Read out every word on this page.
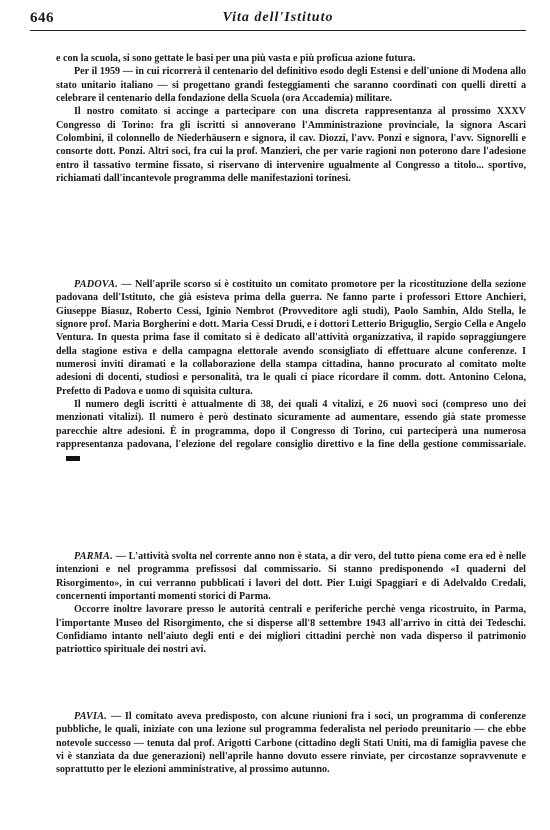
646	Vita dell'Istituto

e con la scuola, si sono gettate le basi per una più vasta e più proficua azione futura.

Per il 1959 — in cui ricorrerà il centenario del definitivo esodo degli Estensi e dell'unione di Modena allo stato unitario italiano — si progettano grandi festeggiamenti che saranno coordinati con quelli diretti a celebrare il centenario della fondazione della Scuola (ora Accademia) militare.

Il nostro comitato si accinge a partecipare con una discreta rappresentanza al prossimo XXXV Congresso di Torino: fra gli iscritti si annoverano l'Amministrazione provinciale, la signora Ascari Colombini, il colonnello de Niederhäusern e signora, il cav. Diozzi, l'avv. Ponzi e signora, l'avv. Signorelli e consorte dott. Ponzi. Altri soci, fra cui la prof. Manzieri, che per varie ragioni non poterono dare l'adesione entro il tassativo termine fissato, si riservano di intervenire ugualmente al Congresso a titolo... sportivo, richiamati dall'incantevole programma delle manifestazioni torinesi.

PADOVA. — Nell'aprile scorso si è costituito un comitato promotore per la ricostituzione della sezione padovana dell'Istituto, che già esisteva prima della guerra. Ne fanno parte i professori Ettore Anchieri, Giuseppe Biasuz, Roberto Cessi, Iginio Nembrot (Provveditore agli studi), Paolo Sambin, Aldo Stella, le signore prof. Maria Borgherini e dott. Maria Cessi Drudi, e i dottori Letterio Briguglio, Sergio Cella e Angelo Ventura. In questa prima fase il comitato si è dedicato all'attività organizzativa, il rapido sopraggiungere della stagione estiva e della campagna elettorale avendo sconsigliato di effettuare alcune conferenze. I numerosi inviti diramati e la collaborazione della stampa cittadina, hanno procurato al comitato molte adesioni di docenti, studiosi e personalità, tra le quali ci piace ricordare il comm. dott. Antonino Celona, Prefetto di Padova e uomo di squisita cultura.

Il numero degli iscritti è attualmente di 38, dei quali 4 vitalizi, e 26 nuovi soci (compreso uno dei menzionati vitalizi). Il numero è però destinato sicuramente ad aumentare, essendo già state promesse parecchie altre adesioni. È in programma, dopo il Congresso di Torino, cui parteciperà una numerosa rappresentanza padovana, l'elezione del regolare consiglio direttivo e la fine della gestione commissariale.

PARMA. — L'attività svolta nel corrente anno non è stata, a dir vero, del tutto piena come era ed è nelle intenzioni e nel programma prefissosi dal commissario. Si stanno predisponendo «I quaderni del Risorgimento», in cui verranno pubblicati i lavori del dott. Pier Luigi Spaggiari e di Adelvaldo Credali, concernenti importanti momenti storici di Parma.

Occorre inoltre lavorare presso le autorità centrali e periferiche perchè venga ricostruito, in Parma, l'importante Museo del Risorgimento, che si disperse all'8 settembre 1943 all'arrivo in città dei Tedeschi. Confidiamo intanto nell'aiuto degli enti e dei migliori cittadini perchè non vada disperso il patrimonio patriottico spirituale dei nostri avi.

PAVIA. — Il comitato aveva predisposto, con alcune riunioni fra i soci, un programma di conferenze pubbliche, le quali, iniziate con una lezione sul programma federalista nel periodo preunitario — che ebbe notevole successo — tenuta dal prof. Arigotti Carbone (cittadino degli Stati Uniti, ma di famiglia pavese che vi è stanziata da due generazioni) nell'aprile hanno dovuto essere rinviate, per circostanze sopravvenute e soprattutto per le elezioni amministrative, al prossimo autunno.
